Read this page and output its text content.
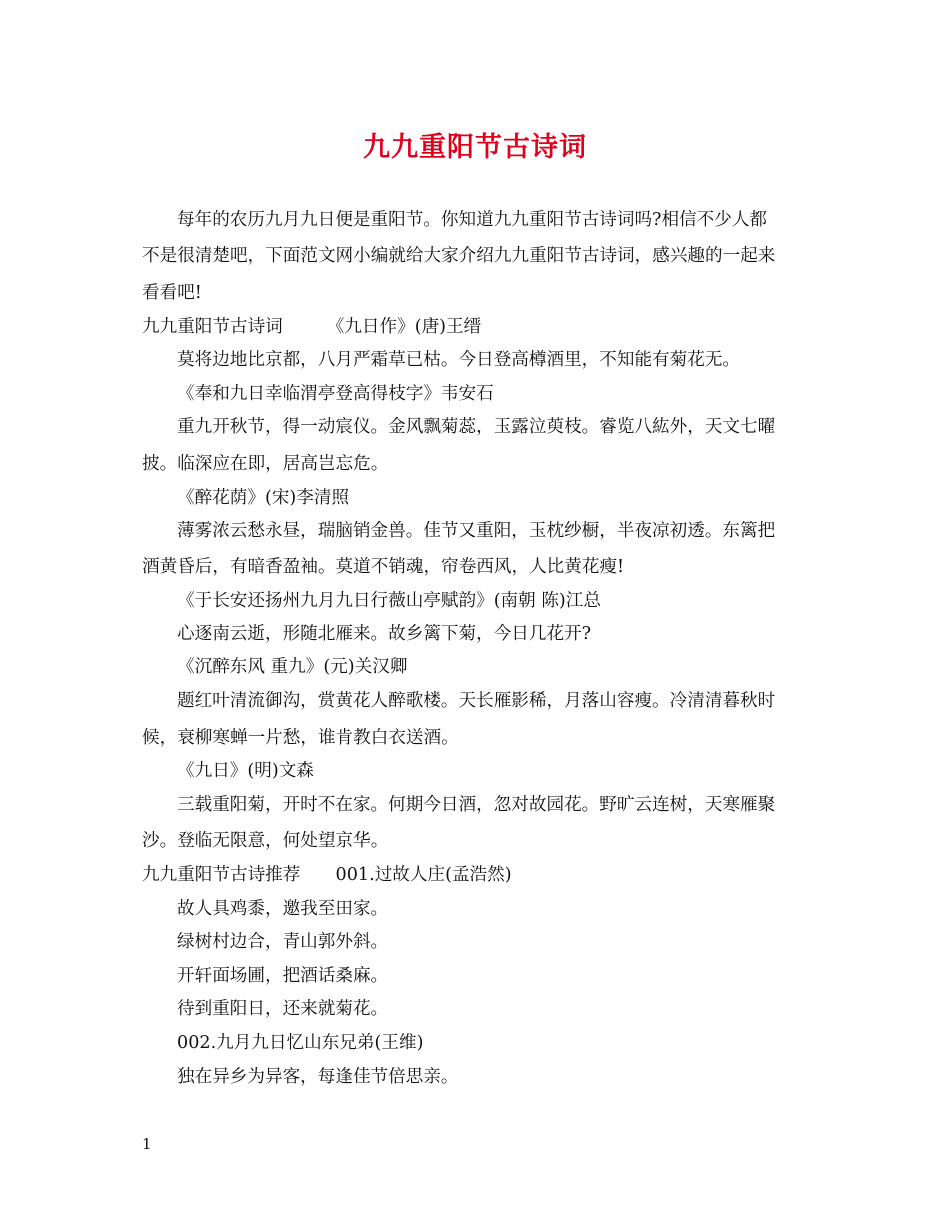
九九重阳节古诗词
每年的农历九月九日便是重阳节。你知道九九重阳节古诗词吗?相信不少人都
不是很清楚吧，下面范文网小编就给大家介绍九九重阳节古诗词，感兴趣的一起来
看看吧!
九九重阳节古诗词　　　《九日作》(唐)王缙
莫将边地比京都，八月严霜草已枯。今日登高樽酒里，不知能有菊花无。
《奉和九日幸临渭亭登高得枝字》韦安石
重九开秋节，得一动宸仪。金风飘菊蕊，玉露泣萸枝。睿览八紘外，天文七曜
披。临深应在即，居高岂忘危。
《醉花荫》(宋)李清照
薄雾浓云愁永昼，瑞脑销金兽。佳节又重阳，玉枕纱橱，半夜凉初透。东篱把
酒黄昏后，有暗香盈袖。莫道不销魂，帘卷西风，人比黄花瘦!
《于长安还扬州九月九日行薇山亭赋韵》(南朝 陈)江总
心逐南云逝，形随北雁来。故乡篱下菊，今日几花开?
《沉醉东风 重九》(元)关汉卿
题红叶清流御沟，赏黄花人醉歌楼。天长雁影稀，月落山容瘦。冷清清暮秋时
候，衰柳寒蝉一片愁，谁肯教白衣送酒。
《九日》(明)文森
三载重阳菊，开时不在家。何期今日酒，忽对故园花。野旷云连树，天寒雁聚
沙。登临无限意，何处望京华。
九九重阳节古诗推荐　　001.过故人庄(孟浩然)
故人具鸡黍，邀我至田家。
绿树村边合，青山郭外斜。
开轩面场圃，把酒话桑麻。
待到重阳日，还来就菊花。
002.九月九日忆山东兄弟(王维)
独在异乡为异客，每逢佳节倍思亲。
1
